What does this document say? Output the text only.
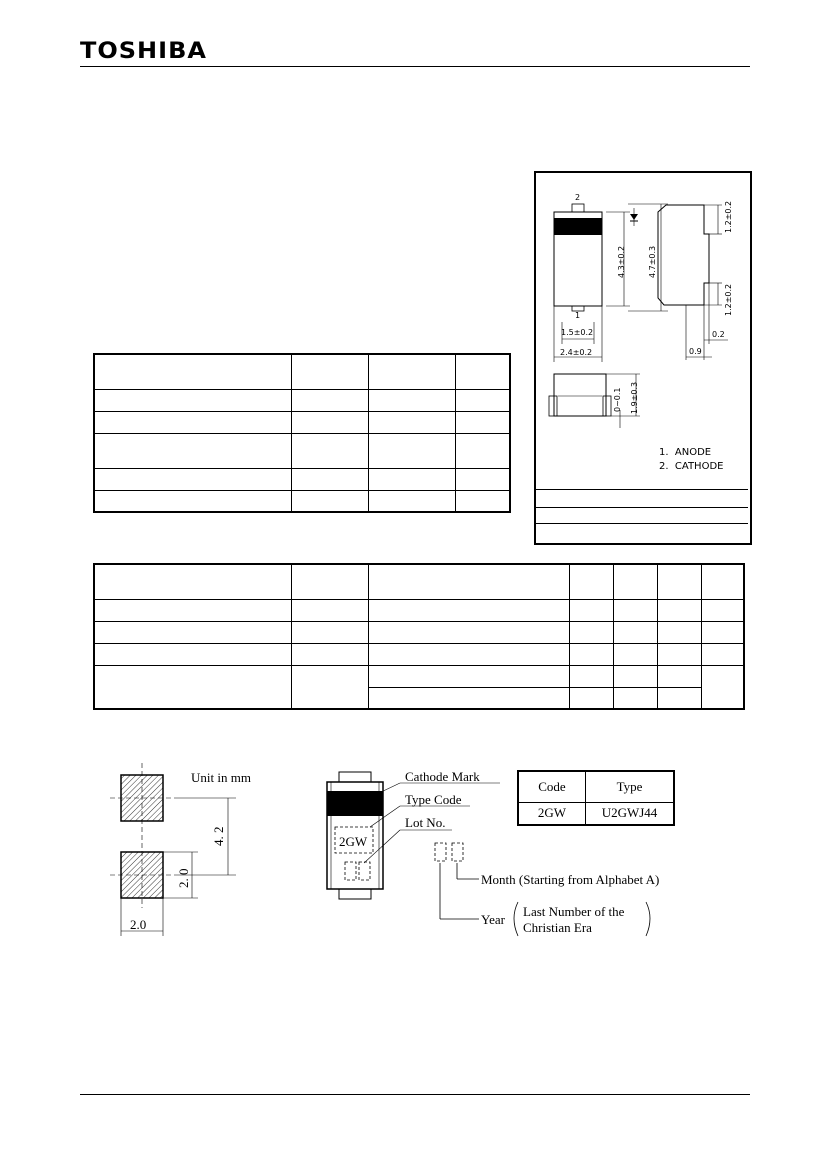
TOSHIBA
2
1
4.3±0.2	4.7±0.3
1.2±0.2
1.2±0.2
1.5±0.2
2.4±0.2
0.2
0.9
0~0.1 1.9±0.3
1.  ANODE
2.  CATHODE

Unit in mm
4. 2
2. 0
2.0
2GW
Cathode Mark
Type Code
Lot No.
Month (Starting from Alphabet A)
Year
Last Number of the
Christian Era
Code	Type
2GW	U2GWJ44
